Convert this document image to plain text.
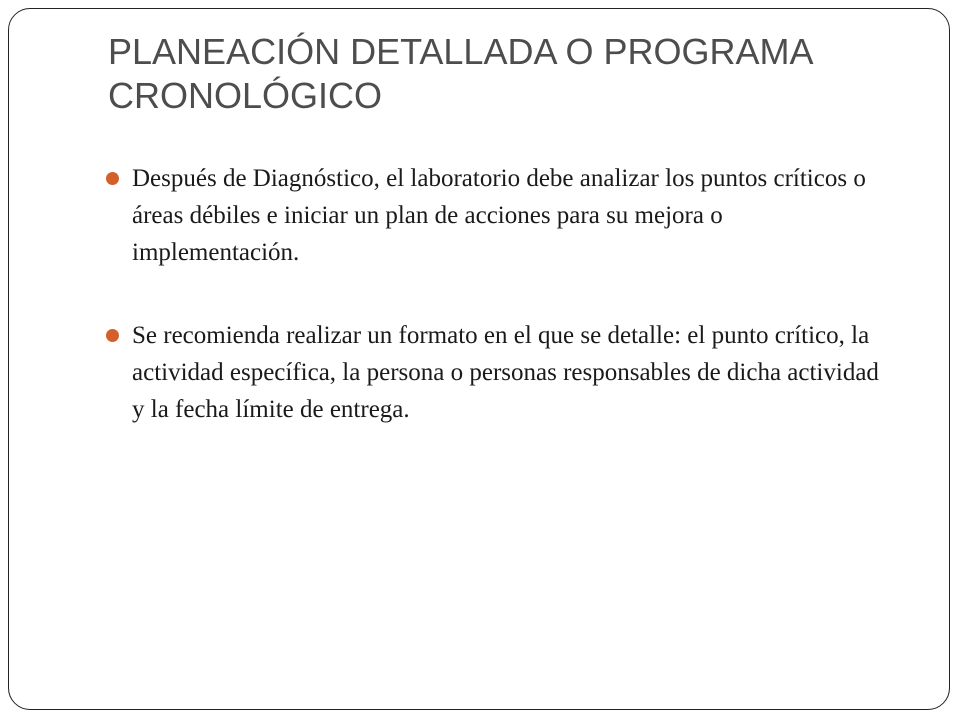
PLANEACIÓN DETALLADA O PROGRAMA CRONOLÓGICO
Después de Diagnóstico, el laboratorio debe analizar los puntos críticos o áreas débiles e iniciar un plan de acciones para su mejora o implementación.
Se recomienda realizar un formato en el que se detalle: el punto crítico, la actividad específica, la persona o personas responsables de dicha actividad y la fecha límite de entrega.
